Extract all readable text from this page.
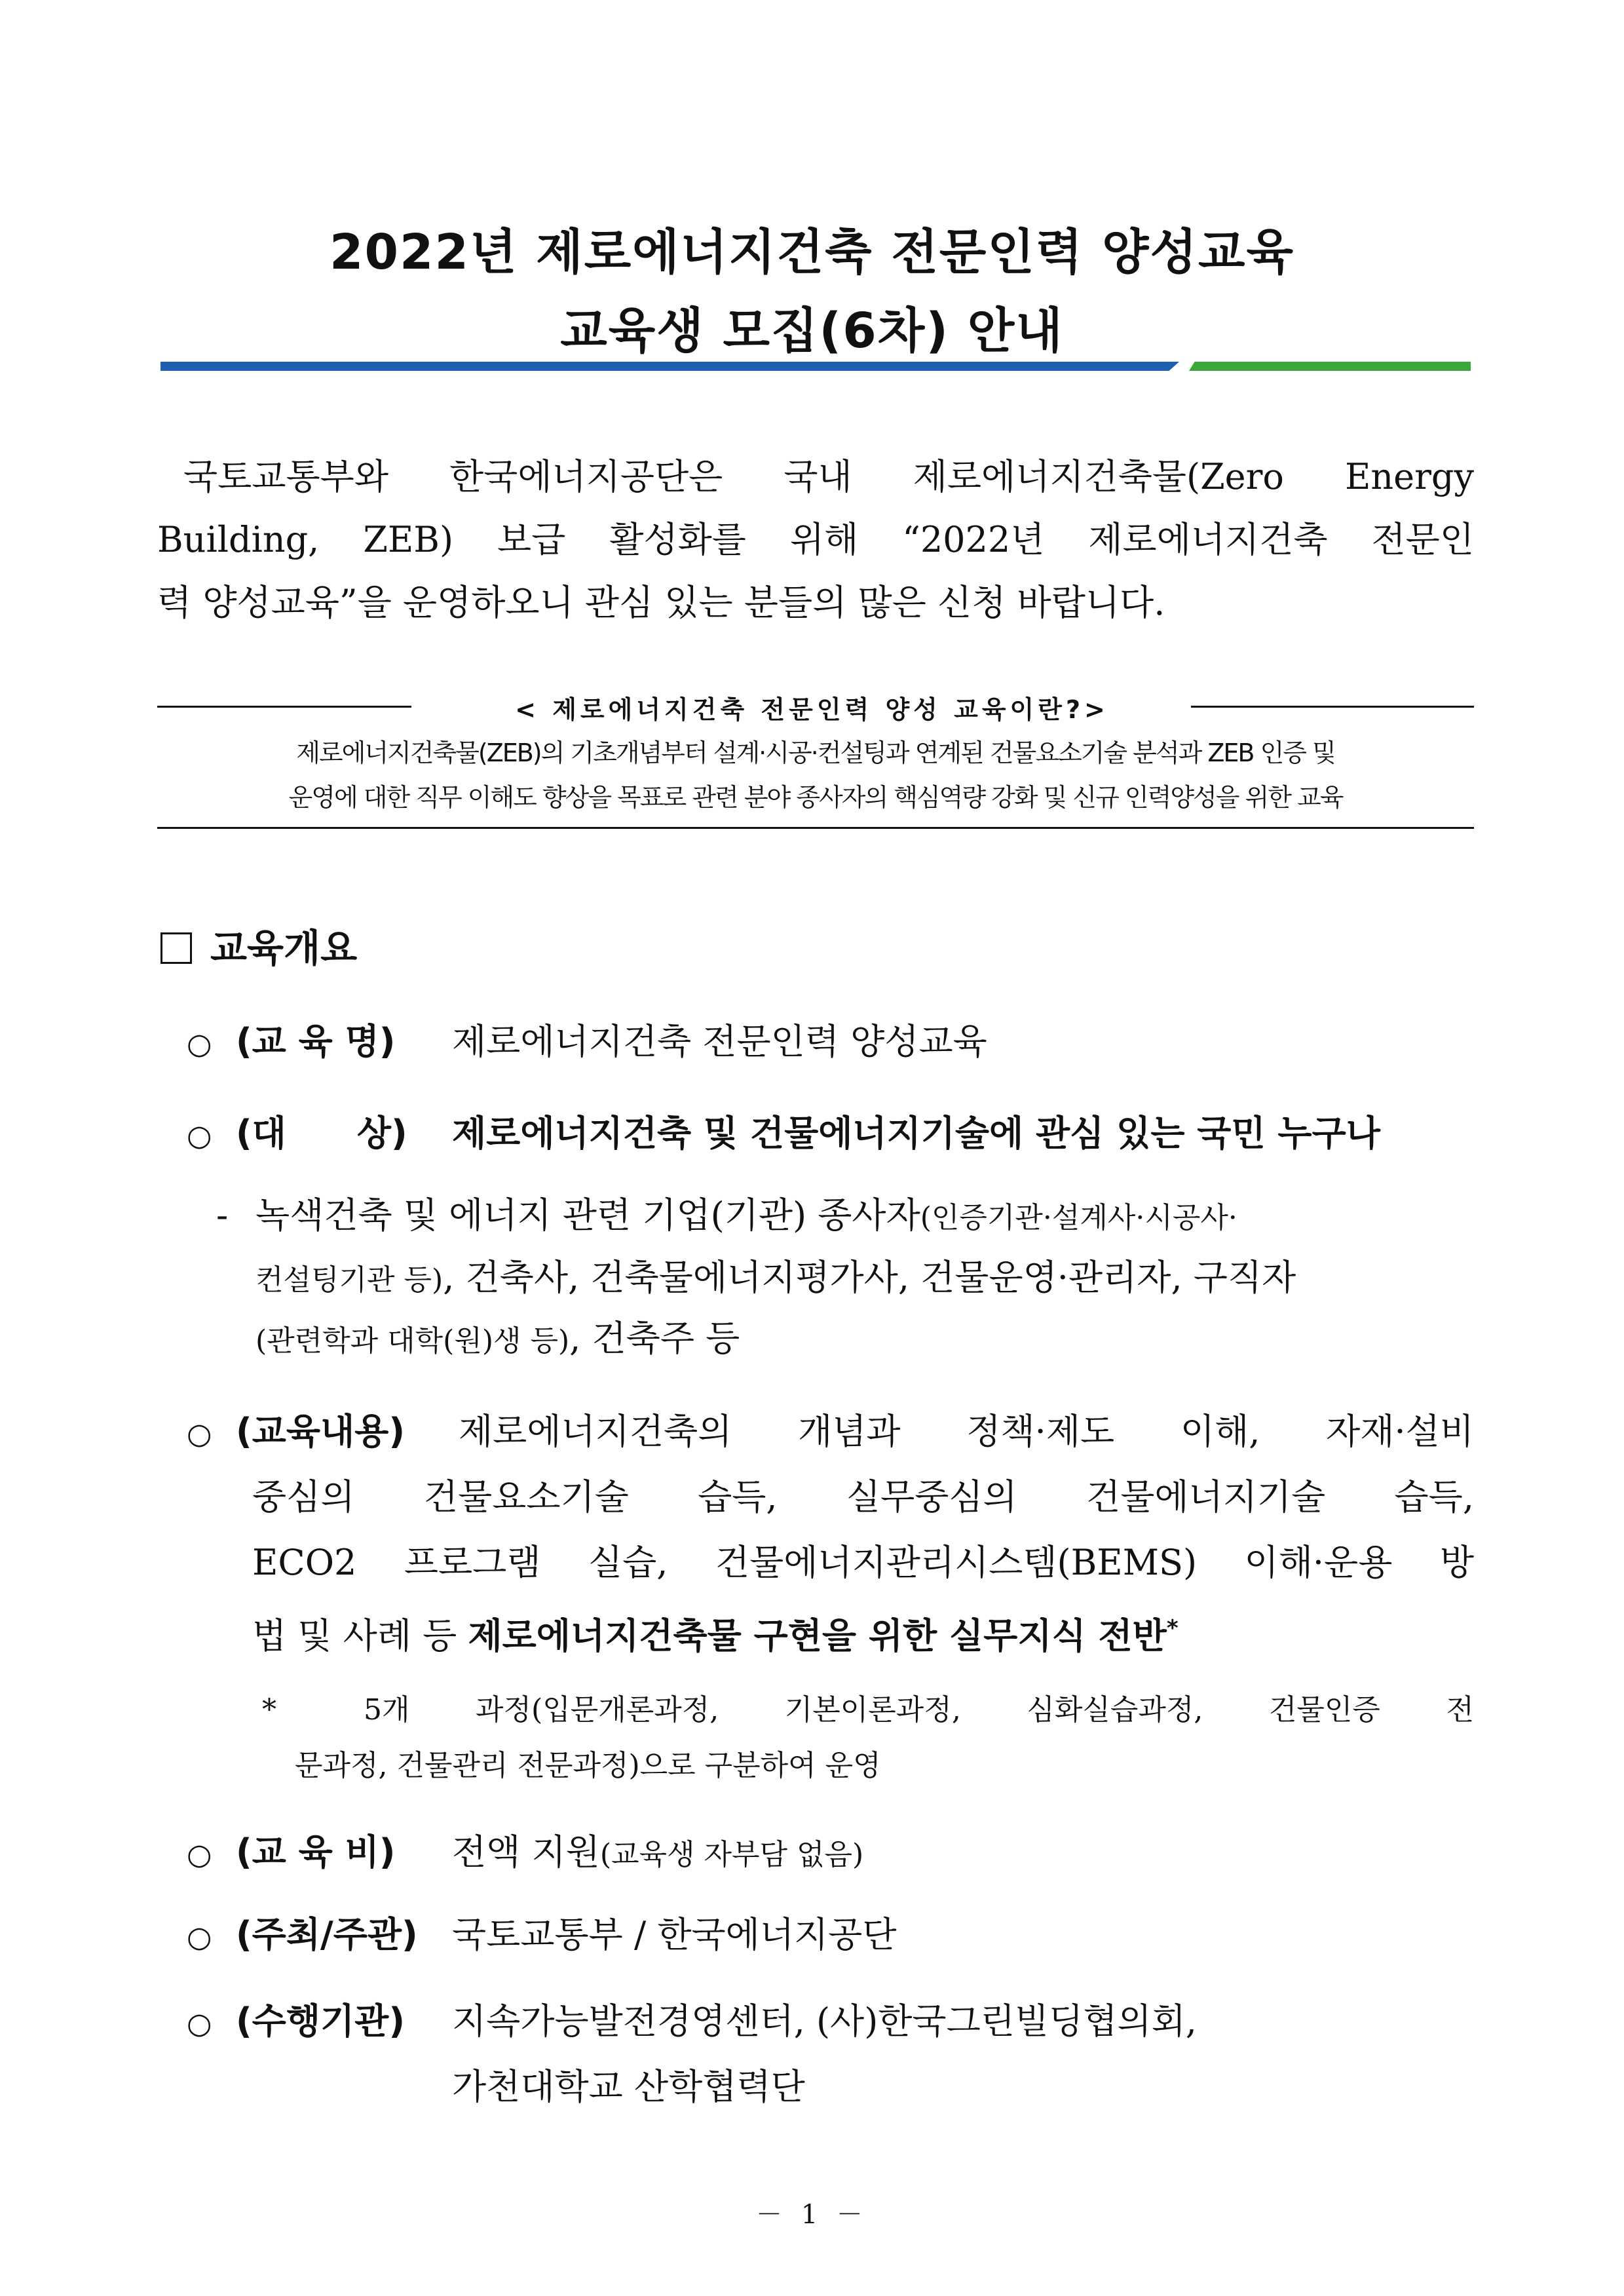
2022년 제로에너지건축 전문인력 양성교육
교육생 모집(6차) 안내
국토교통부와 한국에너지공단은 국내 제로에너지건축물(Zero Energy
Building, ZEB) 보급 활성화를 위해 “2022년 제로에너지건축 전문인
력 양성교육”을 운영하오니 관심 있는 분들의 많은 신청 바랍니다.
< 제로에너지건축 전문인력 양성 교육이란?>
제로에너지건축물(ZEB)의 기초개념부터 설계·시공·컨설팅과 연계된 건물요소기술 분석과 ZEB 인증 및
운영에 대한 직무 이해도 향상을 목표로 관련 분야 종사자의 핵심역량 강화 및 신규 인력양성을 위한 교육
교육개요
○ (교 육 명) 제로에너지건축 전문인력 양성교육
○ (대　　상) 제로에너지건축 및 건물에너지기술에 관심 있는 국민 누구나
- 녹색건축 및 에너지 관련 기업(기관) 종사자(인증기관·설계사·시공사·
컨설팅기관 등), 건축사, 건축물에너지평가사, 건물운영·관리자, 구직자
(관련학과 대학(원)생 등), 건축주 등
○ (교육내용) 제로에너지건축의 개념과 정책·제도 이해, 자재·설비
중심의 건물요소기술 습득, 실무중심의 건물에너지기술 습득,
ECO2 프로그램 실습, 건물에너지관리시스템(BEMS) 이해·운용 방
법 및 사례 등 제로에너지건축물 구현을 위한 실무지식 전반*
*	5개 과정(입문개론과정, 기본이론과정, 심화실습과정, 건물인증 전
문과정, 건물관리 전문과정)으로 구분하여 운영
○ (교 육 비) 전액 지원(교육생 자부담 없음)
○ (주최/주관) 국토교통부 / 한국에너지공단
○ (수행기관) 지속가능발전경영센터, (사)한국그린빌딩협의회,
가천대학교 산학협력단
－ 1 －
